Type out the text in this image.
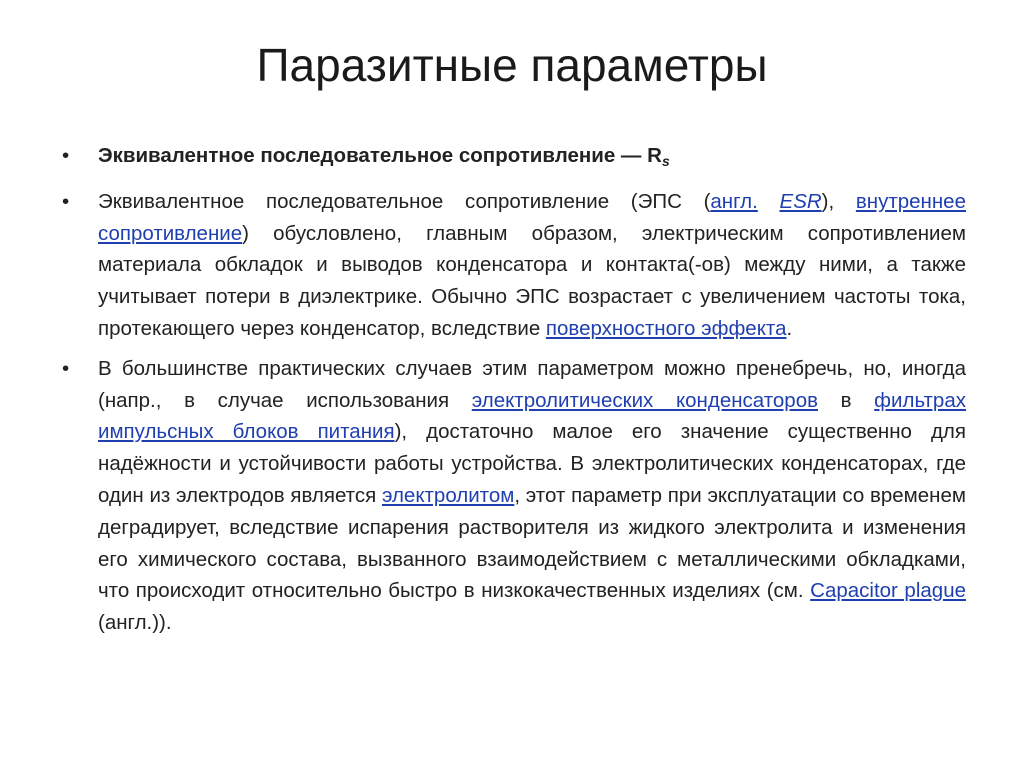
Паразитные параметры
• Эквивалентное последовательное сопротивление — $R_s$
• Эквивалентное последовательное сопротивление (ЭПС (англ. ESR), внутреннее сопротивление) обусловлено, главным образом, электрическим сопротивлением материала обкладок и выводов конденсатора и контакта(-ов) между ними, а также учитывает потери в диэлектрике. Обычно ЭПС возрастает с увеличением частоты тока, протекающего через конденсатор, вследствие поверхностного эффекта.
• В большинстве практических случаев этим параметром можно пренебречь, но, иногда (напр., в случае использования электролитических конденсаторов в фильтрах импульсных блоков питания), достаточно малое его значение существенно для надёжности и устойчивости работы устройства. В электролитических конденсаторах, где один из электродов является электролитом, этот параметр при эксплуатации со временем деградирует, вследствие испарения растворителя из жидкого электролита и изменения его химического состава, вызванного взаимодействием с металлическими обкладками, что происходит относительно быстро в низкокачественных изделиях (см. Capacitor plague (англ.)).
